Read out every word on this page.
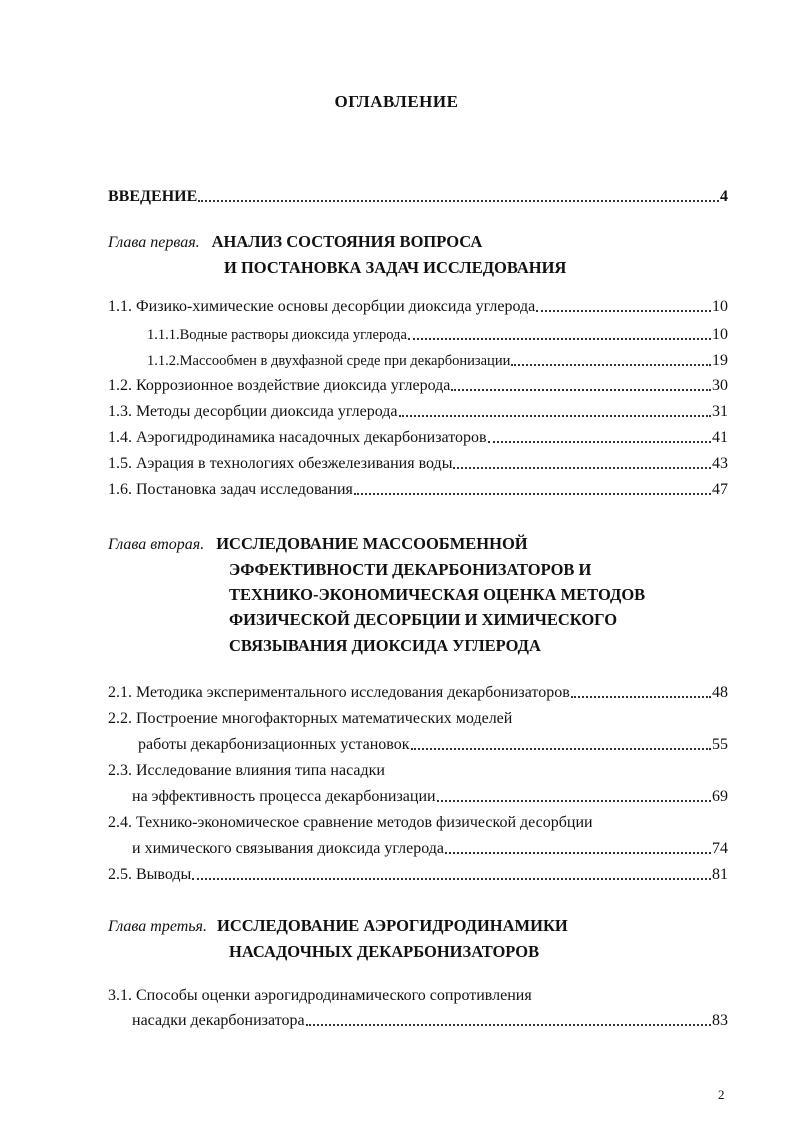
ОГЛАВЛЕНИЕ
ВВЕДЕНИЕ	4
Глава первая. АНАЛИЗ СОСТОЯНИЯ ВОПРОСА
И ПОСТАНОВКА ЗАДАЧ ИССЛЕДОВАНИЯ
1.1. Физико-химические основы десорбции диоксида углерода	10
1.1.1.Водные растворы диоксида углерода	10
1.1.2.Массообмен в двухфазной среде при декарбонизации	19
1.2. Коррозионное воздействие диоксида углерода	30
1.3. Методы десорбции диоксида углерода	31
1.4. Аэрогидродинамика насадочных декарбонизаторов	41
1.5. Аэрация в технологиях обезжелезивания воды	43
1.6. Постановка задач исследования	47
Глава вторая. ИССЛЕДОВАНИЕ МАССООБМЕННОЙ
ЭФФЕКТИВНОСТИ ДЕКАРБОНИЗАТОРОВ И
ТЕХНИКО-ЭКОНОМИЧЕСКАЯ ОЦЕНКА МЕТОДОВ
ФИЗИЧЕСКОЙ ДЕСОРБЦИИ И ХИМИЧЕСКОГО
СВЯЗЫВАНИЯ ДИОКСИДА УГЛЕРОДА
2.1. Методика экспериментального исследования декарбонизаторов	48
2.2. Построение многофакторных математических моделей
работы декарбонизационных установок	55
2.3. Исследование влияния типа насадки
на эффективность процесса декарбонизации	69
2.4. Технико-экономическое сравнение методов физической десорбции
и химического связывания диоксида углерода	74
2.5. Выводы	81
Глава третья. ИССЛЕДОВАНИЕ АЭРОГИДРОДИНАМИКИ
НАСАДОЧНЫХ ДЕКАРБОНИЗАТОРОВ
3.1. Способы оценки аэрогидродинамического сопротивления
насадки декарбонизатора	83
2
